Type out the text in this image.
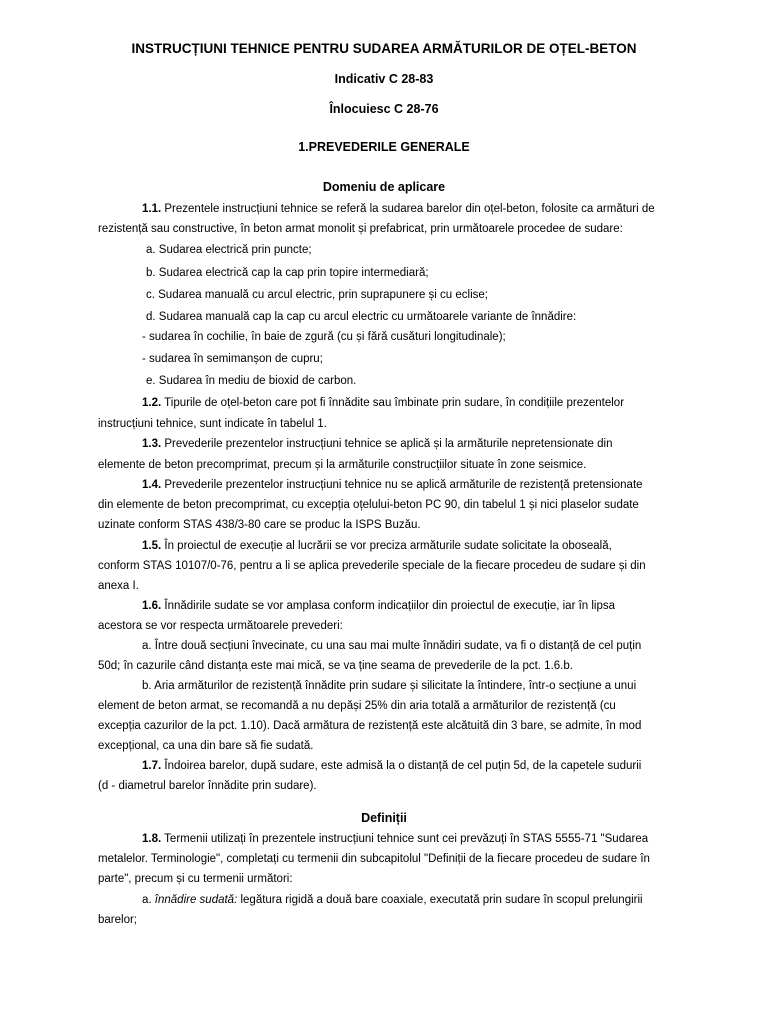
INSTRUCȚIUNI TEHNICE PENTRU SUDAREA ARMĂTURILOR DE OȚEL-BETON
Indicativ C 28-83
Înlocuiesc C 28-76
1.PREVEDERILE GENERALE
Domeniu de aplicare
1.1. Prezentele instrucțiuni tehnice se referă la sudarea barelor din oțel-beton, folosite ca armături de
rezistență sau constructive, în beton armat monolit și prefabricat, prin următoarele procedee de sudare:
a. Sudarea electrică prin puncte;
b. Sudarea electrică cap la cap prin topire intermediară;
c. Sudarea manuală cu arcul electric, prin suprapunere și cu eclise;
d. Sudarea manuală cap la cap cu arcul electric cu următoarele variante de înnădire:
- sudarea în cochilie, în baie de zgură (cu și fără cusături longitudinale);
- sudarea în semimanșon de cupru;
e. Sudarea în mediu de bioxid de carbon.
1.2. Tipurile de oțel-beton care pot fi înnădite sau îmbinate prin sudare, în condițiile prezentelor
instrucțiuni tehnice, sunt indicate în tabelul 1.
1.3. Prevederile prezentelor instrucțiuni tehnice se aplică și la armăturile nepretensionate din
elemente de beton precomprimat, precum și la armăturile construcțiilor situate în zone seismice.
1.4. Prevederile prezentelor instrucțiuni tehnice nu se aplică armăturile de rezistență pretensionate
din elemente de beton precomprimat, cu excepția oțelului-beton PC 90, din tabelul 1 și nici plaselor sudate
uzinate conform STAS 438/3-80 care se produc la ISPS Buzău.
1.5. În proiectul de execuție al lucrării se vor preciza armăturile sudate solicitate la oboseală,
conform STAS 10107/0-76, pentru a li se aplica prevederile speciale de la fiecare procedeu de sudare și din
anexa I.
1.6. Înnădirile sudate se vor amplasa conform indicațiilor din proiectul de execuție, iar în lipsa
acestora se vor respecta următoarele prevederi:
a. Între două secțiuni învecinate, cu una sau mai multe înnădiri sudate, va fi o distanță de cel puțin
50d; în cazurile când distanța este mai mică, se va ține seama de prevederile de la pct. 1.6.b.
b. Aria armăturilor de rezistență înnădite prin sudare și silicitate la întindere, într-o secțiune a unui
element de beton armat, se recomandă a nu depăși 25% din aria totală a armăturilor de rezistență (cu
excepția cazurilor de la pct. 1.10). Dacă armătura de rezistență este alcătuită din 3 bare, se admite, în mod
excepțional, ca una din bare să fie sudată.
1.7. Îndoirea barelor, după sudare, este admisă la o distanță de cel puțin 5d, de la capetele sudurii
(d - diametrul barelor înnădite prin sudare).
Definiții
1.8. Termenii utilizați în prezentele instrucțiuni tehnice sunt cei prevăzuți în STAS 5555-71 "Sudarea
metalelor. Terminologie", completați cu termenii din subcapitolul "Definiții de la fiecare procedeu de sudare în
parte", precum și cu termenii următori:
a. înnădire sudată: legătura rigidă a două bare coaxiale, executată prin sudare în scopul prelungirii
barelor;
